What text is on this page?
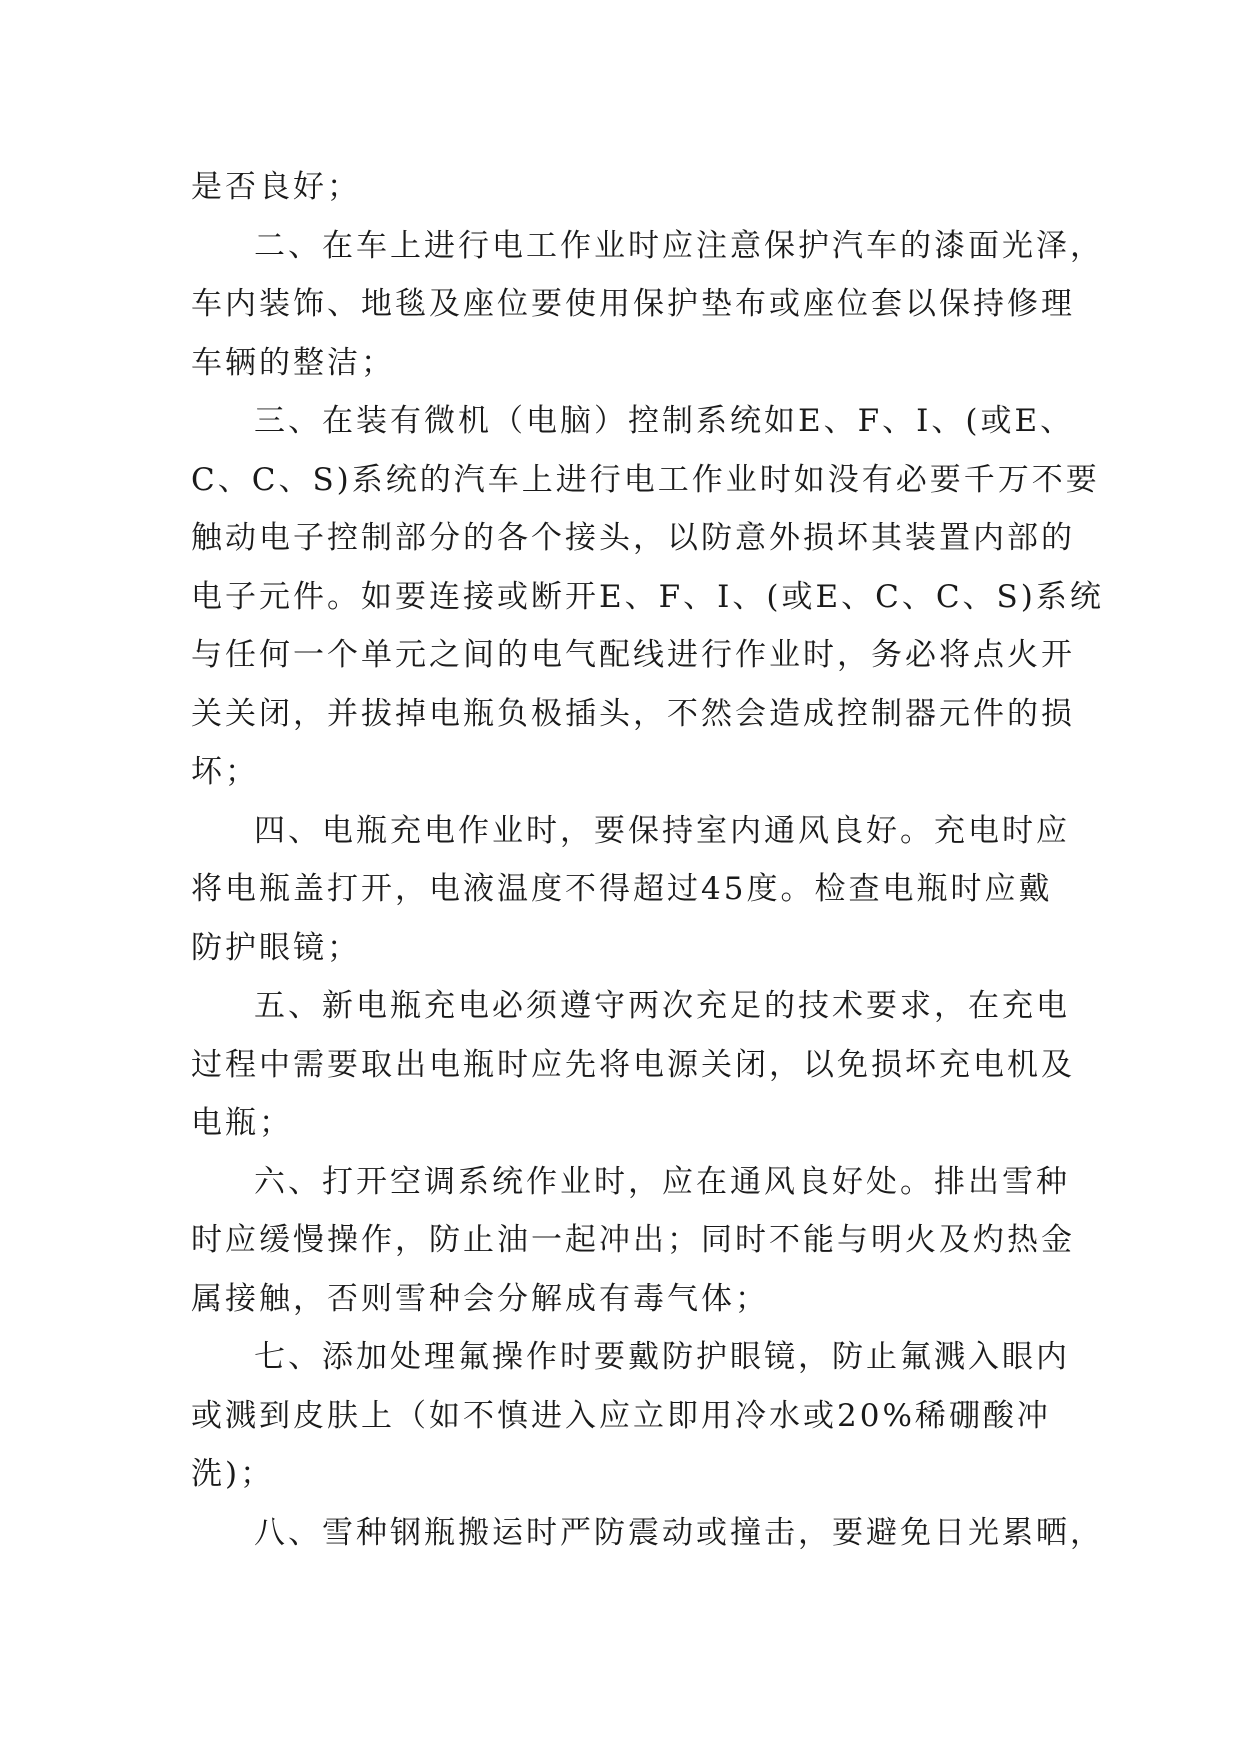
是否良好；
二、在车上进行电工作业时应注意保护汽车的漆面光泽，
车内装饰、地毯及座位要使用保护垫布或座位套以保持修理
车辆的整洁；
三、在装有微机（电脑）控制系统如E、F、I、(或E、
C、C、S)系统的汽车上进行电工作业时如没有必要千万不要
触动电子控制部分的各个接头，以防意外损坏其装置内部的
电子元件。如要连接或断开E、F、I、(或E、C、C、S)系统
与任何一个单元之间的电气配线进行作业时，务必将点火开
关关闭，并拔掉电瓶负极插头，不然会造成控制器元件的损
坏；
四、电瓶充电作业时，要保持室内通风良好。充电时应
将电瓶盖打开，电液温度不得超过45度。检查电瓶时应戴
防护眼镜；
五、新电瓶充电必须遵守两次充足的技术要求，在充电
过程中需要取出电瓶时应先将电源关闭，以免损坏充电机及
电瓶；
六、打开空调系统作业时，应在通风良好处。排出雪种
时应缓慢操作，防止油一起冲出；同时不能与明火及灼热金
属接触，否则雪种会分解成有毒气体；
七、添加处理氟操作时要戴防护眼镜，防止氟溅入眼内
或溅到皮肤上（如不慎进入应立即用冷水或20%稀硼酸冲
洗)；
八、雪种钢瓶搬运时严防震动或撞击，要避免日光累晒，
